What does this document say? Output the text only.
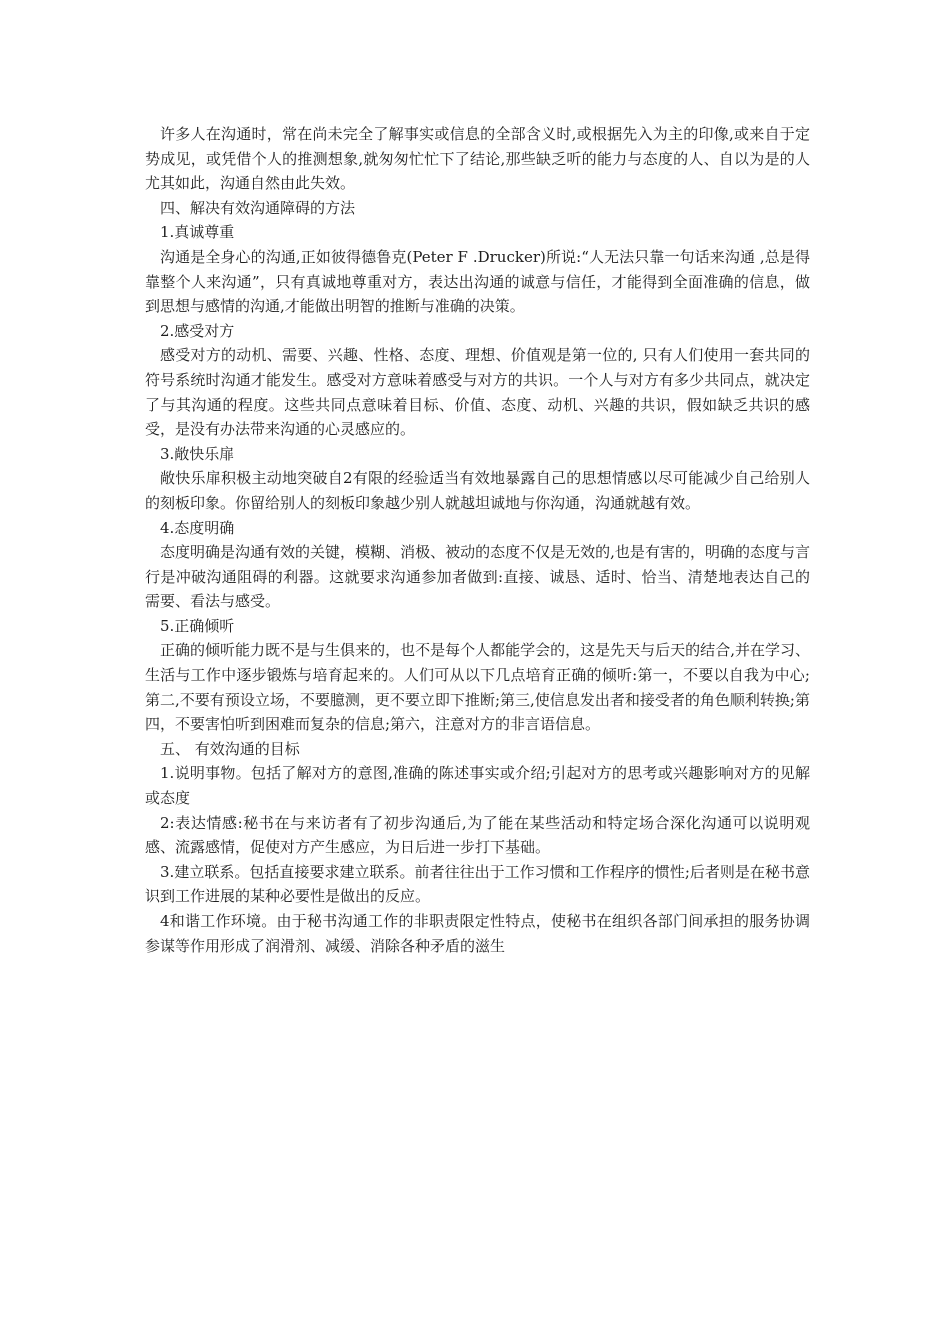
许多人在沟通时，常在尚未完全了解事实或信息的全部含义时,或根据先入为主的印像,或来自于定势成见，或凭借个人的推测想象,就匆匆忙忙下了结论,那些缺乏听的能力与态度的人、自以为是的人尤其如此，沟通自然由此失效。

四、解决有效沟通障碍的方法

1.真诚尊重

沟通是全身心的沟通,正如彼得德鲁克(Peter F .Drucker)所说:“人无法只靠一句话来沟通 ,总是得靠整个人来沟通”，只有真诚地尊重对方，表达出沟通的诚意与信任，才能得到全面准确的信息，做到思想与感情的沟通,才能做出明智的推断与准确的决策。

2.感受对方

感受对方的动机、需要、兴趣、性格、态度、理想、价值观是第一位的, 只有人们使用一套共同的符号系统时沟通才能发生。感受对方意味着感受与对方的共识。一个人与对方有多少共同点，就决定了与其沟通的程度。这些共同点意味着目标、价值、态度、动机、兴趣的共识，假如缺乏共识的感受，是没有办法带来沟通的心灵感应的。

3.敞快乐扉

敞快乐扉积极主动地突破自2有限的经验适当有效地暴露自己的思想情感以尽可能减少自己给别人的刻板印象。你留给别人的刻板印象越少别人就越坦诚地与你沟通，沟通就越有效。

4.态度明确

态度明确是沟通有效的关键，模糊、消极、被动的态度不仅是无效的,也是有害的，明确的态度与言行是冲破沟通阻碍的利器。这就要求沟通参加者做到:直接、诚恳、适时、恰当、清楚地表达自己的需要、看法与感受。

5.正确倾听

正确的倾听能力既不是与生俱来的，也不是每个人都能学会的，这是先天与后天的结合,并在学习、生活与工作中逐步锻炼与培育起来的。人们可从以下几点培育正确的倾听:第一，不要以自我为中心;第二,不要有预设立场，不要臆测，更不要立即下推断;第三,使信息发出者和接受者的角色顺利转换;第四，不要害怕听到困难而复杂的信息;第六，注意对方的非言语信息。

五、 有效沟通的目标

1.说明事物。包括了解对方的意图,准确的陈述事实或介绍;引起对方的思考或兴趣影响对方的见解或态度

2:表达情感:秘书在与来访者有了初步沟通后,为了能在某些活动和特定场合深化沟通可以说明观感、流露感情，促使对方产生感应，为日后进一步打下基础。

3.建立联系。包括直接要求建立联系。前者往往出于工作习惯和工作程序的惯性;后者则是在秘书意识到工作进展的某种必要性是做出的反应。

4和谐工作环境。由于秘书沟通工作的非职责限定性特点，使秘书在组织各部门间承担的服务协调参谋等作用形成了润滑剂、减缓、消除各种矛盾的滋生
